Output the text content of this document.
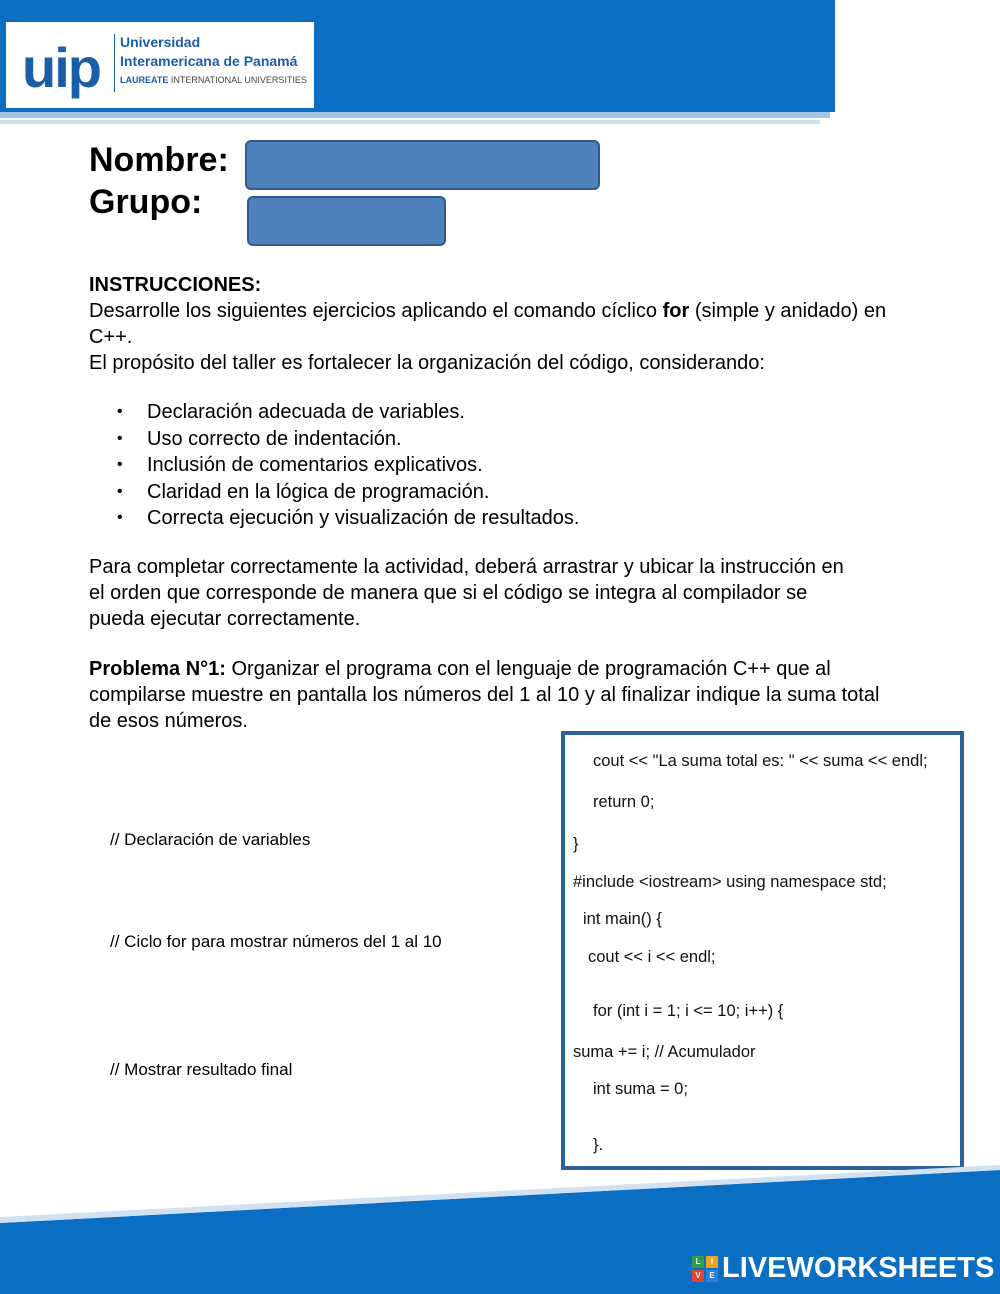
uip Universidad
Interamericana de Panamá
LAUREATE INTERNATIONAL UNIVERSITIES
Nombre:
Grupo:
INSTRUCCIONES:
Desarrolle los siguientes ejercicios aplicando el comando cíclico for (simple y anidado) en C++.
El propósito del taller es fortalecer la organización del código, considerando:
• Declaración adecuada de variables.
• Uso correcto de indentación.
• Inclusión de comentarios explicativos.
• Claridad en la lógica de programación.
• Correcta ejecución y visualización de resultados.
Para completar correctamente la actividad, deberá arrastrar y ubicar la instrucción en el orden que corresponde de manera que si el código se integra al compilador se pueda ejecutar correctamente.
Problema N°1: Organizar el programa con el lenguaje de programación C++ que al compilarse muestre en pantalla los números del 1 al 10 y al finalizar indique la suma total de esos números.
// Declaración de variables
// Ciclo for para mostrar números del 1 al 10
// Mostrar resultado final
cout << "La suma total es: " << suma << endl;
return 0;
}
#include <iostream> using namespace std;
int main() {
cout << i << endl;
for (int i = 1; i <= 10; i++) {
suma += i; // Acumulador
int suma = 0;
}.
L	I
V	E LIVEWORKSHEETS
